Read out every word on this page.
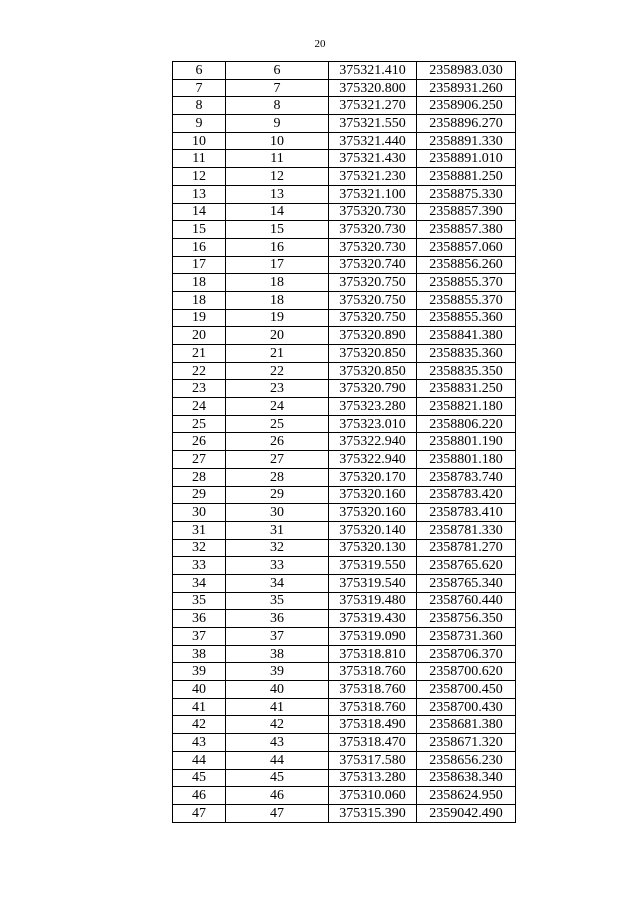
20
6	6	375321.410	2358983.030
7	7	375320.800	2358931.260
8	8	375321.270	2358906.250
9	9	375321.550	2358896.270
10	10	375321.440	2358891.330
11	11	375321.430	2358891.010
12	12	375321.230	2358881.250
13	13	375321.100	2358875.330
14	14	375320.730	2358857.390
15	15	375320.730	2358857.380
16	16	375320.730	2358857.060
17	17	375320.740	2358856.260
18	18	375320.750	2358855.370
18	18	375320.750	2358855.370
19	19	375320.750	2358855.360
20	20	375320.890	2358841.380
21	21	375320.850	2358835.360
22	22	375320.850	2358835.350
23	23	375320.790	2358831.250
24	24	375323.280	2358821.180
25	25	375323.010	2358806.220
26	26	375322.940	2358801.190
27	27	375322.940	2358801.180
28	28	375320.170	2358783.740
29	29	375320.160	2358783.420
30	30	375320.160	2358783.410
31	31	375320.140	2358781.330
32	32	375320.130	2358781.270
33	33	375319.550	2358765.620
34	34	375319.540	2358765.340
35	35	375319.480	2358760.440
36	36	375319.430	2358756.350
37	37	375319.090	2358731.360
38	38	375318.810	2358706.370
39	39	375318.760	2358700.620
40	40	375318.760	2358700.450
41	41	375318.760	2358700.430
42	42	375318.490	2358681.380
43	43	375318.470	2358671.320
44	44	375317.580	2358656.230
45	45	375313.280	2358638.340
46	46	375310.060	2358624.950
47	47	375315.390	2359042.490
